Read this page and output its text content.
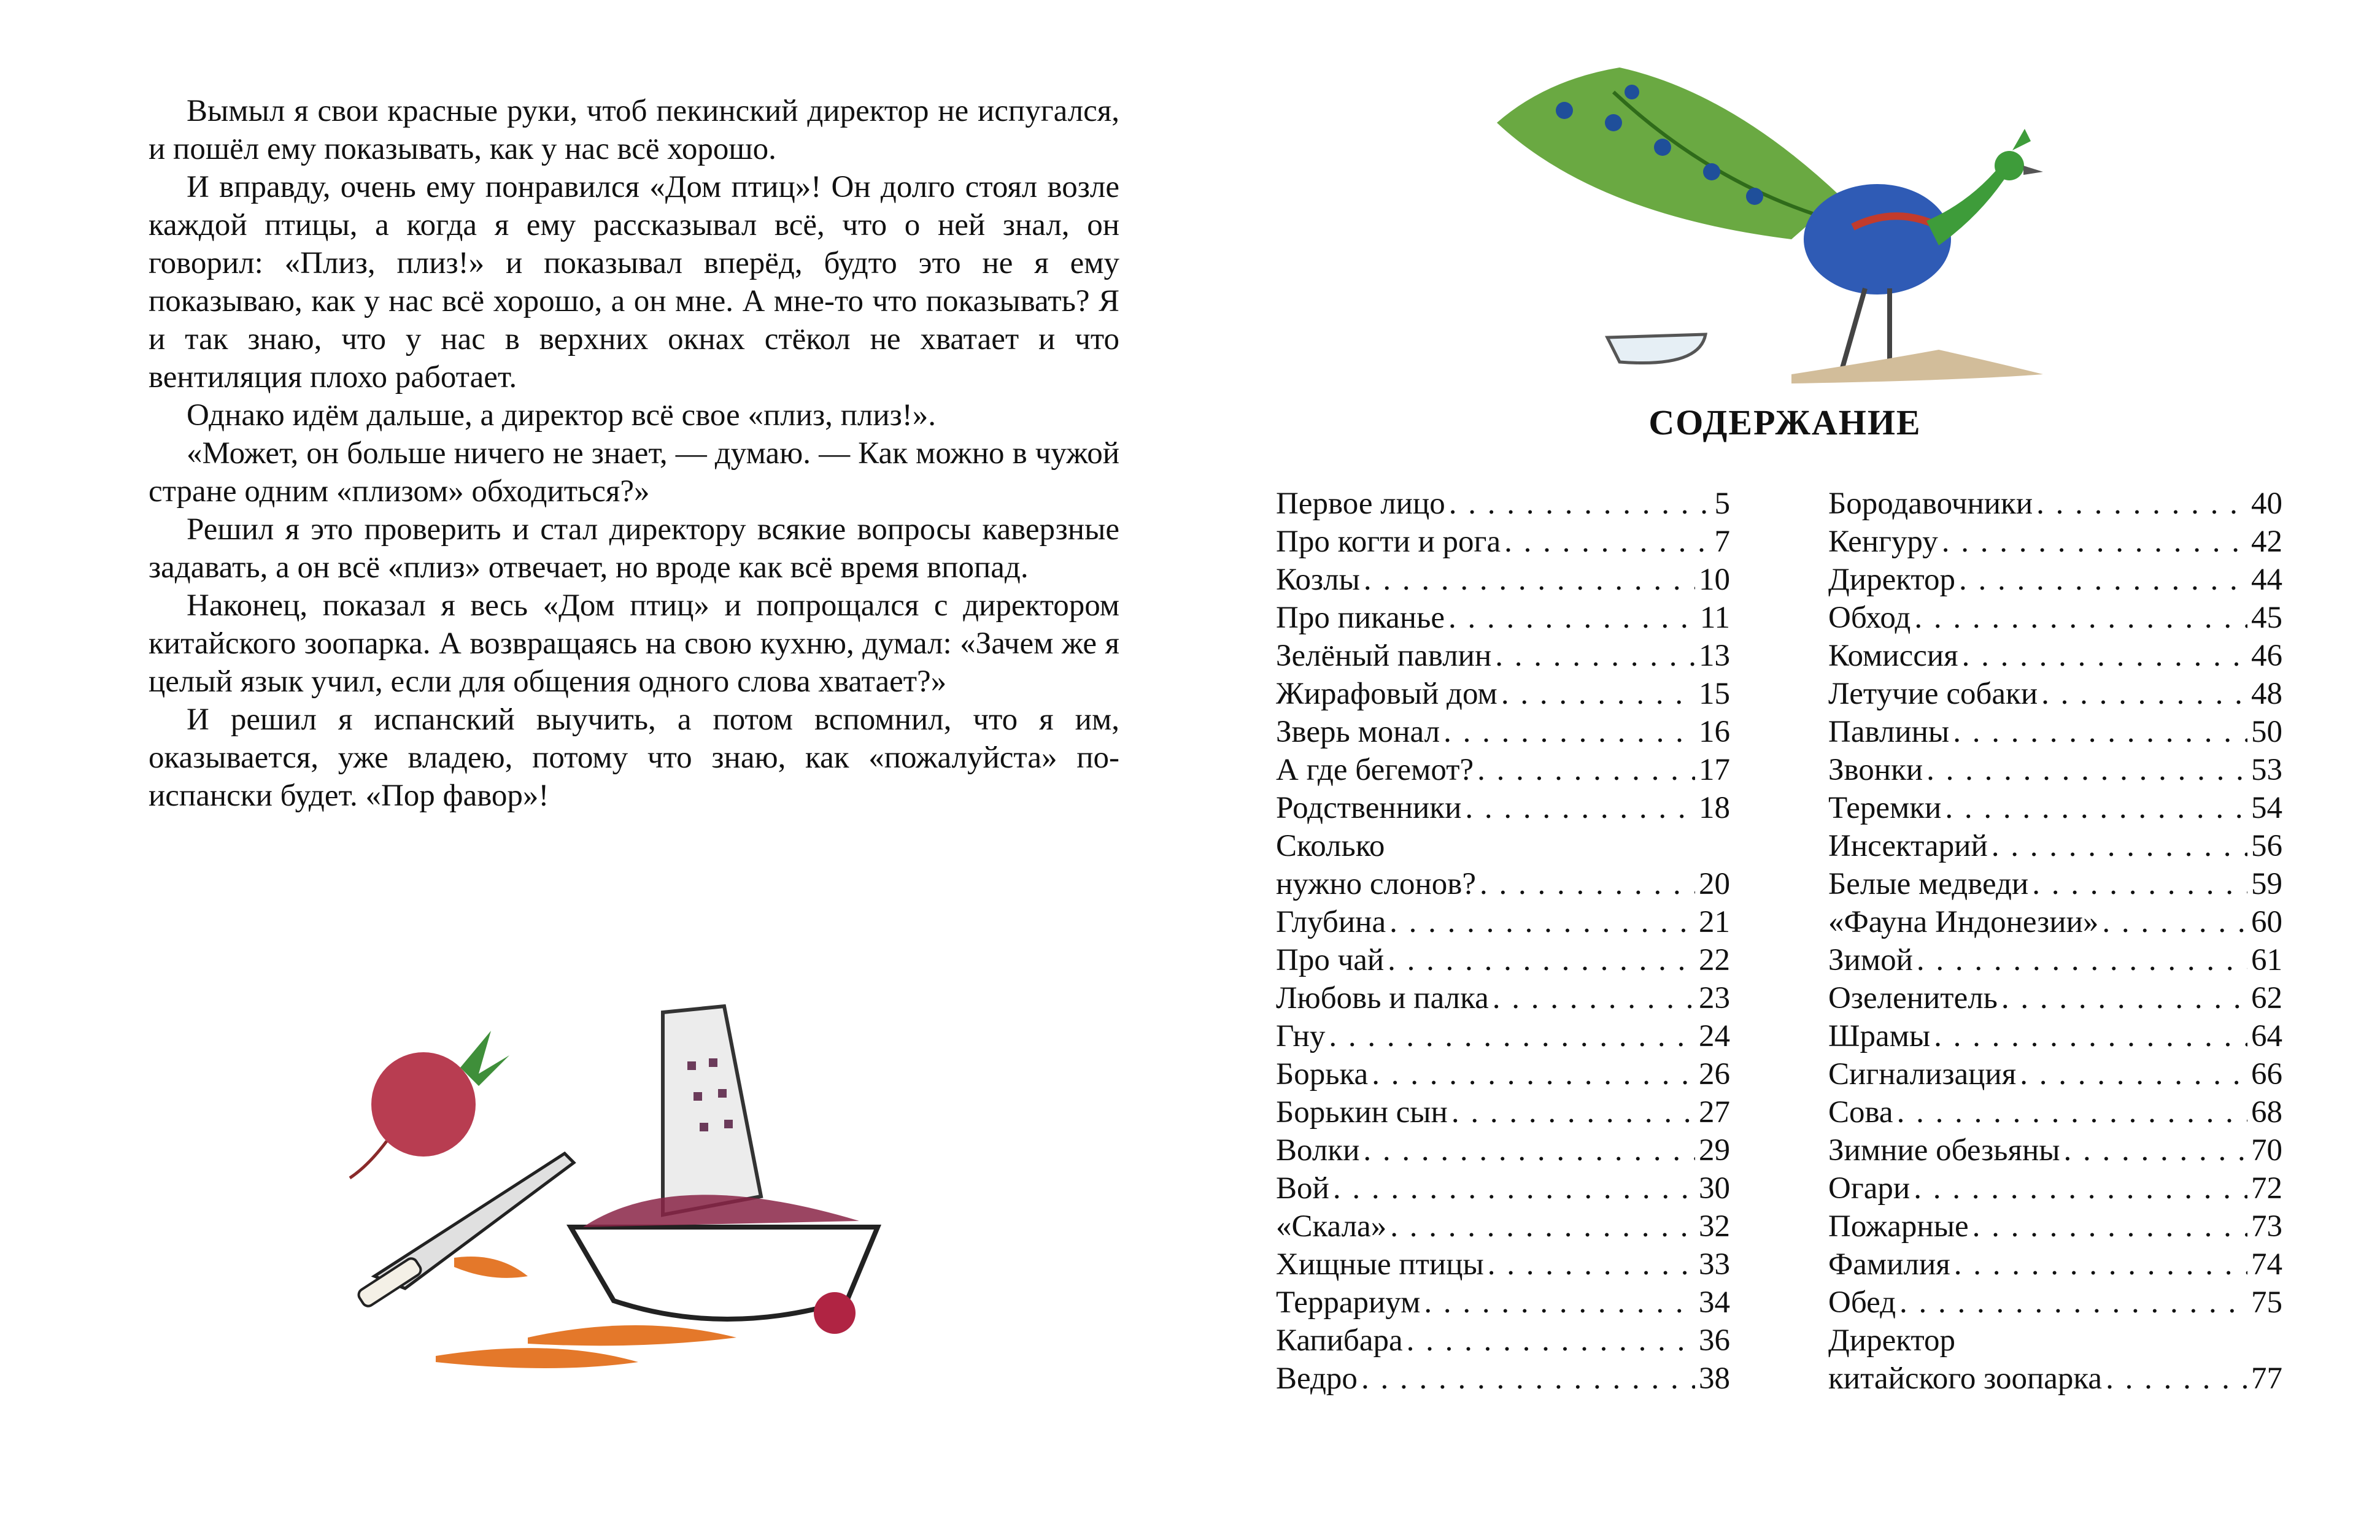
Вымыл я свои красные руки, чтоб пекинский директор не испугался, и пошёл ему показывать, как у нас всё хорошо.

И вправду, очень ему понравился «Дом птиц»! Он долго стоял возле каждой птицы, а когда я ему рассказывал всё, что о ней знал, он говорил: «Плиз, плиз!» и показывал вперёд, будто это не я ему показываю, как у нас всё хорошо, а он мне. А мне-то что показывать? Я и так знаю, что у нас в верхних окнах стёкол не хватает и что вентиляция плохо работает.

Однако идём дальше, а директор всё свое «плиз, плиз!».

«Может, он больше ничего не знает, — думаю. — Как можно в чужой стране одним «плизом» обходиться?»

Решил я это проверить и стал директору всякие вопросы каверзные задавать, а он всё «плиз» отвечает, но вроде как всё время впопад.

Наконец, показал я весь «Дом птиц» и попрощался с директором китайского зоопарка. А возвращаясь на свою кухню, думал: «Зачем же я целый язык учил, если для общения одного слова хватает?»

И решил я испанский выучить, а потом вспомнил, что я им, оказывается, уже владею, потому что знаю, как «пожалуйста» по-испански будет. «Пор фавор»!

СОДЕРЖАНИЕ
Первое лицо . . .	5
Про когти и рога . . .	7
Козлы . . .	10
Про пиканье . . .	11
Зелёный павлин . . .	13
Жирафовый дом . . .	15
Зверь монал . . .	16
А где бегемот? . . .	17
Родственники . . .	18
Сколько
нужно слонов? . . .	20
Глубина . . .	21
Про чай . . .	22
Любовь и палка . . .	23
Гну . . .	24
Борька . . .	26
Борькин сын . . .	27
Волки . . .	29
Вой . . .	30
«Скала» . . .	32
Хищные птицы . . .	33
Террариум . . .	34
Капибара . . .	36
Ведро . . .	38
Бородавочники . . .	40
Кенгуру . . .	42
Директор . . .	44
Обход . . .	45
Комиссия . . .	46
Летучие собаки . . .	48
Павлины . . .	50
Звонки . . .	53
Теремки . . .	54
Инсектарий . . .	56
Белые медведи . . .	59
«Фауна Индонезии» . . .	60
Зимой . . .	61
Озеленитель . . .	62
Шрамы . . .	64
Сигнализация . . .	66
Сова . . .	68
Зимние обезьяны . . .	70
Огари . . .	72
Пожарные . . .	73
Фамилия . . .	74
Обед . . .	75
Директор
китайского зоопарка . . .	77
